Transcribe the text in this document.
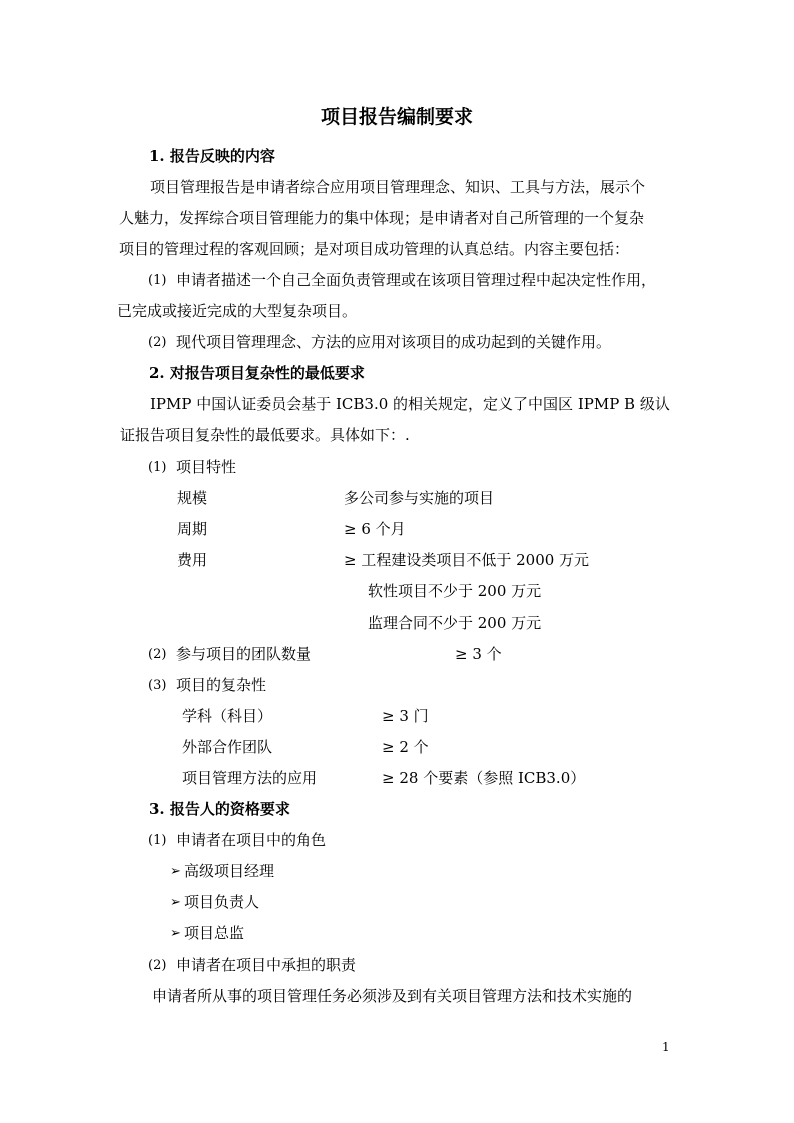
项目报告编制要求
1. 报告反映的内容
项目管理报告是申请者综合应用项目管理理念、知识、工具与方法，展示个
人魅力，发挥综合项目管理能力的集中体现；是申请者对自己所管理的一个复杂
项目的管理过程的客观回顾；是对项目成功管理的认真总结。内容主要包括：
(1) 申请者描述一个自己全面负责管理或在该项目管理过程中起决定性作用，
已完成或接近完成的大型复杂项目。
(2) 现代项目管理理念、方法的应用对该项目的成功起到的关键作用。
2. 对报告项目复杂性的最低要求
IPMP 中国认证委员会基于 ICB3.0 的相关规定，定义了中国区 IPMP B 级认
证报告项目复杂性的最低要求。具体如下：.
(1) 项目特性
规模	多公司参与实施的项目
周期	≥ 6 个月
费用	≥ 工程建设类项目不低于 2000 万元
软性项目不少于 200 万元
监理合同不少于 200 万元
(2) 参与项目的团队数量	≥ 3 个
(3) 项目的复杂性
学科（科目）	≥ 3 门
外部合作团队	≥ 2 个
项目管理方法的应用	≥ 28 个要素（参照 ICB3.0）
3. 报告人的资格要求
(1) 申请者在项目中的角色
➢ 高级项目经理
➢ 项目负责人
➢ 项目总监
(2) 申请者在项目中承担的职责
申请者所从事的项目管理任务必须涉及到有关项目管理方法和技术实施的
1
